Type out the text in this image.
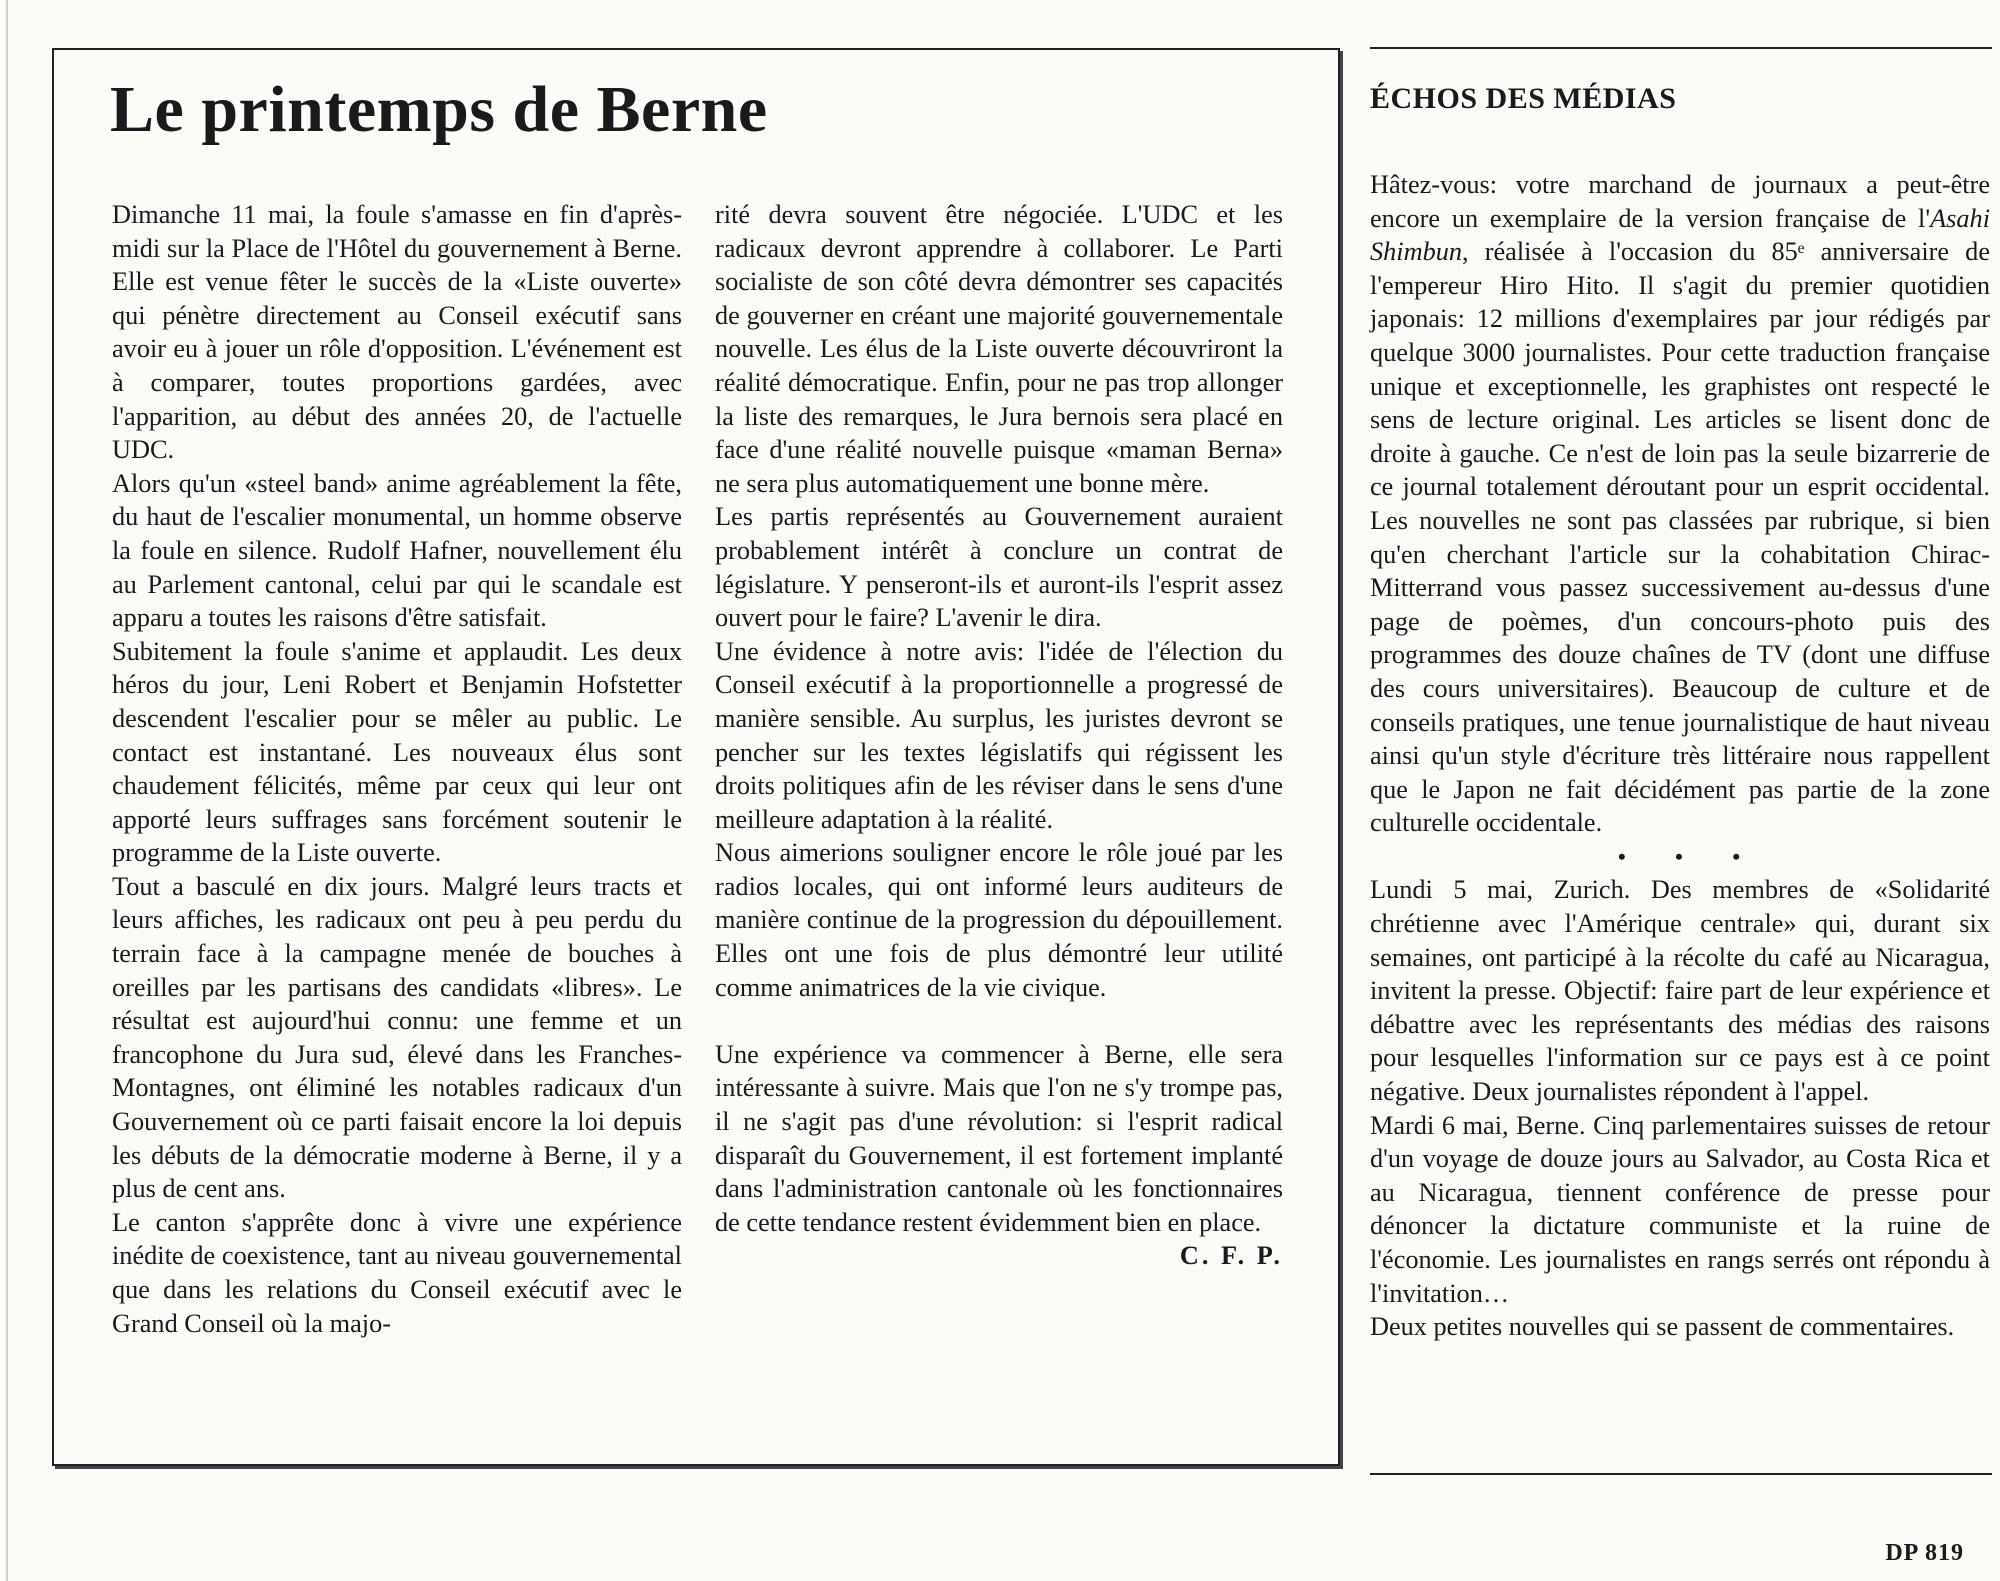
Le printemps de Berne

Dimanche 11 mai, la foule s'amasse en fin d'après-midi sur la Place de l'Hôtel du gouvernement à Berne. Elle est venue fêter le succès de la «Liste ouverte» qui pénètre directement au Conseil exécutif sans avoir eu à jouer un rôle d'opposition. L'événement est à comparer, toutes proportions gardées, avec l'apparition, au début des années 20, de l'actuelle UDC.

Alors qu'un «steel band» anime agréablement la fête, du haut de l'escalier monumental, un homme observe la foule en silence. Rudolf Hafner, nouvellement élu au Parlement cantonal, celui par qui le scandale est apparu a toutes les raisons d'être satisfait.

Subitement la foule s'anime et applaudit. Les deux héros du jour, Leni Robert et Benjamin Hofstetter descendent l'escalier pour se mêler au public. Le contact est instantané. Les nouveaux élus sont chaudement félicités, même par ceux qui leur ont apporté leurs suffrages sans forcément soutenir le programme de la Liste ouverte.

Tout a basculé en dix jours. Malgré leurs tracts et leurs affiches, les radicaux ont peu à peu perdu du terrain face à la campagne menée de bouches à oreilles par les partisans des candidats «libres». Le résultat est aujourd'hui connu: une femme et un francophone du Jura sud, élevé dans les Franches-Montagnes, ont éliminé les notables radicaux d'un Gouvernement où ce parti faisait encore la loi depuis les débuts de la démocratie moderne à Berne, il y a plus de cent ans.

Le canton s'apprête donc à vivre une expérience inédite de coexistence, tant au niveau gouvernemental que dans les relations du Conseil exécutif avec le Grand Conseil où la majo-

rité devra souvent être négociée. L'UDC et les radicaux devront apprendre à collaborer. Le Parti socialiste de son côté devra démontrer ses capacités de gouverner en créant une majorité gouvernementale nouvelle. Les élus de la Liste ouverte découvriront la réalité démocratique. Enfin, pour ne pas trop allonger la liste des remarques, le Jura bernois sera placé en face d'une réalité nouvelle puisque «maman Berna» ne sera plus automatiquement une bonne mère.

Les partis représentés au Gouvernement auraient probablement intérêt à conclure un contrat de législature. Y penseront-ils et auront-ils l'esprit assez ouvert pour le faire? L'avenir le dira.

Une évidence à notre avis: l'idée de l'élection du Conseil exécutif à la proportionnelle a progressé de manière sensible. Au surplus, les juristes devront se pencher sur les textes législatifs qui régissent les droits politiques afin de les réviser dans le sens d'une meilleure adaptation à la réalité.

Nous aimerions souligner encore le rôle joué par les radios locales, qui ont informé leurs auditeurs de manière continue de la progression du dépouillement. Elles ont une fois de plus démontré leur utilité comme animatrices de la vie civique.

Une expérience va commencer à Berne, elle sera intéressante à suivre. Mais que l'on ne s'y trompe pas, il ne s'agit pas d'une révolution: si l'esprit radical disparaît du Gouvernement, il est fortement implanté dans l'administration cantonale où les fonctionnaires de cette tendance restent évidemment bien en place.

C. F. P.

ÉCHOS DES MÉDIAS

Hâtez-vous: votre marchand de journaux a peut-être encore un exemplaire de la version française de l'Asahi Shimbun, réalisée à l'occasion du 85ᵉ anniversaire de l'empereur Hiro Hito. Il s'agit du premier quotidien japonais: 12 millions d'exemplaires par jour rédigés par quelque 3000 journalistes. Pour cette traduction française unique et exceptionnelle, les graphistes ont respecté le sens de lecture original. Les articles se lisent donc de droite à gauche. Ce n'est de loin pas la seule bizarrerie de ce journal totalement déroutant pour un esprit occidental. Les nouvelles ne sont pas classées par rubrique, si bien qu'en cherchant l'article sur la cohabitation Chirac-Mitterrand vous passez successivement au-dessus d'une page de poèmes, d'un concours-photo puis des programmes des douze chaînes de TV (dont une diffuse des cours universitaires). Beaucoup de culture et de conseils pratiques, une tenue journalistique de haut niveau ainsi qu'un style d'écriture très littéraire nous rappellent que le Japon ne fait décidément pas partie de la zone culturelle occidentale.

• • •

Lundi 5 mai, Zurich. Des membres de «Solidarité chrétienne avec l'Amérique centrale» qui, durant six semaines, ont participé à la récolte du café au Nicaragua, invitent la presse. Objectif: faire part de leur expérience et débattre avec les représentants des médias des raisons pour lesquelles l'information sur ce pays est à ce point négative. Deux journalistes répondent à l'appel.

Mardi 6 mai, Berne. Cinq parlementaires suisses de retour d'un voyage de douze jours au Salvador, au Costa Rica et au Nicaragua, tiennent conférence de presse pour dénoncer la dictature communiste et la ruine de l'économie. Les journalistes en rangs serrés ont répondu à l'invitation…

Deux petites nouvelles qui se passent de commentaires.

DP 819
